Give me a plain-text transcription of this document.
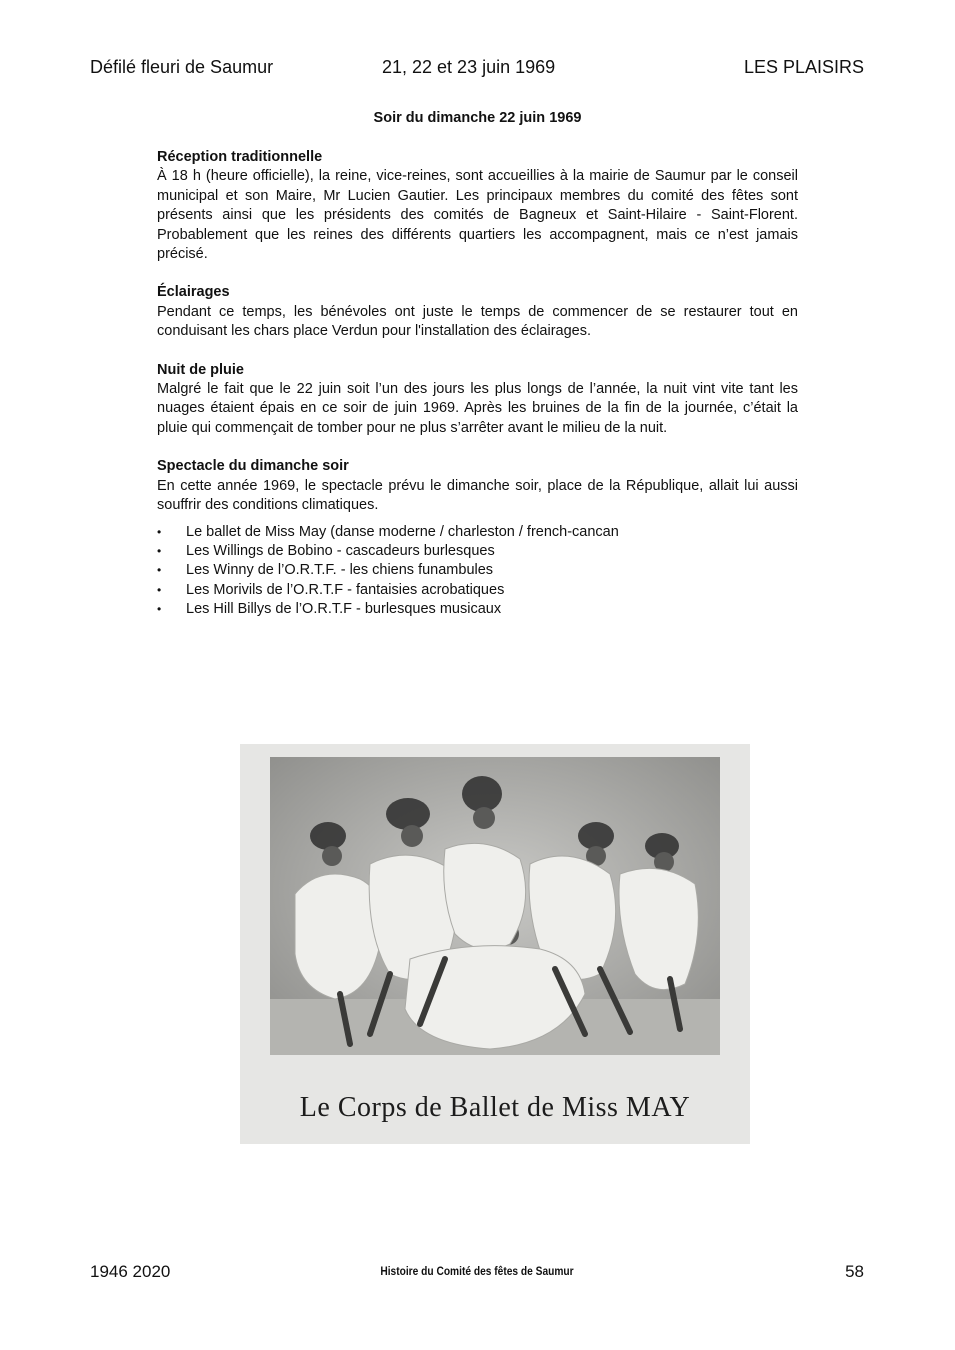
Défilé fleuri de Saumur	21, 22 et 23 juin 1969	LES PLAISIRS
Soir du dimanche 22 juin 1969
Réception traditionnelle

À 18 h (heure officielle), la reine, vice-reines, sont accueillies à la mairie de Saumur par le conseil municipal et son Maire, Mr Lucien Gautier. Les principaux membres du comité des fêtes sont présents ainsi que les présidents des comités de Bagneux et Saint-Hilaire - Saint-Florent. Probablement que les reines des différents quartiers les accompagnent, mais ce n’est jamais précisé.

Éclairages

Pendant ce temps, les bénévoles ont juste le temps de commencer de se restaurer tout en conduisant les chars place Verdun pour l'installation des éclairages.

Nuit de pluie

Malgré le fait que le 22 juin soit l’un des jours les plus longs de l’année, la nuit vint vite tant les nuages étaient épais en ce soir de juin 1969. Après les bruines de la fin de la journée, c’était la pluie qui commençait de tomber pour ne plus s’arrêter avant le milieu de la nuit.

Spectacle du dimanche soir

En cette année 1969, le spectacle prévu le dimanche soir, place de la République, allait lui aussi souffrir des conditions climatiques.

• Le ballet de Miss May (danse moderne / charleston / french-cancan
• Les Willings de Bobino - cascadeurs burlesques
• Les Winny de l’O.R.T.F. - les chiens funambules
• Les Morivils de l’O.R.T.F - fantaisies acrobatiques
• Les Hill Billys de l’O.R.T.F - burlesques musicaux
Le Corps de Ballet de Miss MAY
1946 2020	Histoire du Comité des fêtes de Saumur	58
